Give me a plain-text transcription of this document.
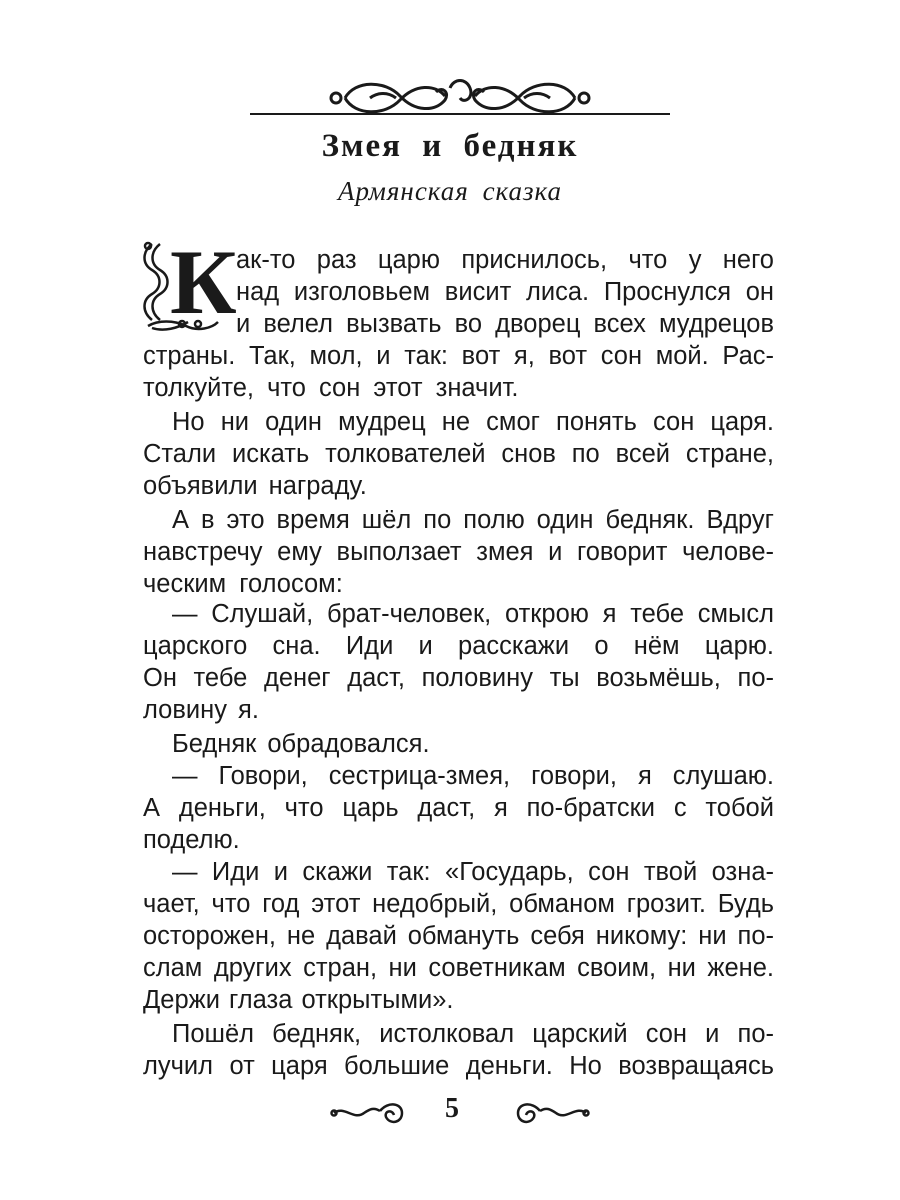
Змея и бедняк
Армянская сказка
К ак-то раз царю приснилось, что у него
над изголовьем висит лиса. Проснулся он
и велел вызвать во дворец всех мудрецов
страны. Так, мол, и так: вот я, вот сон мой. Рас-
толкуйте, что сон этот значит.
Но ни один мудрец не смог понять сон царя.
Стали искать толкователей снов по всей стране,
объявили награду.
А в это время шёл по полю один бедняк. Вдруг
навстречу ему выползает змея и говорит челове-
ческим голосом:
— Слушай, брат-человек, открою я тебе смысл
царского сна. Иди и расскажи о нём царю.
Он тебе денег даст, половину ты возьмёшь, по-
ловину я.
Бедняк обрадовался.
— Говори, сестрица-змея, говори, я слушаю.
А деньги, что царь даст, я по-братски с тобой
поделю.
— Иди и скажи так: «Государь, сон твой озна-
чает, что год этот недобрый, обманом грозит. Будь
осторожен, не давай обмануть себя никому: ни по-
слам других стран, ни советникам своим, ни жене.
Держи глаза открытыми».
Пошёл бедняк, истолковал царский сон и по-
лучил от царя большие деньги. Но возвращаясь
5
